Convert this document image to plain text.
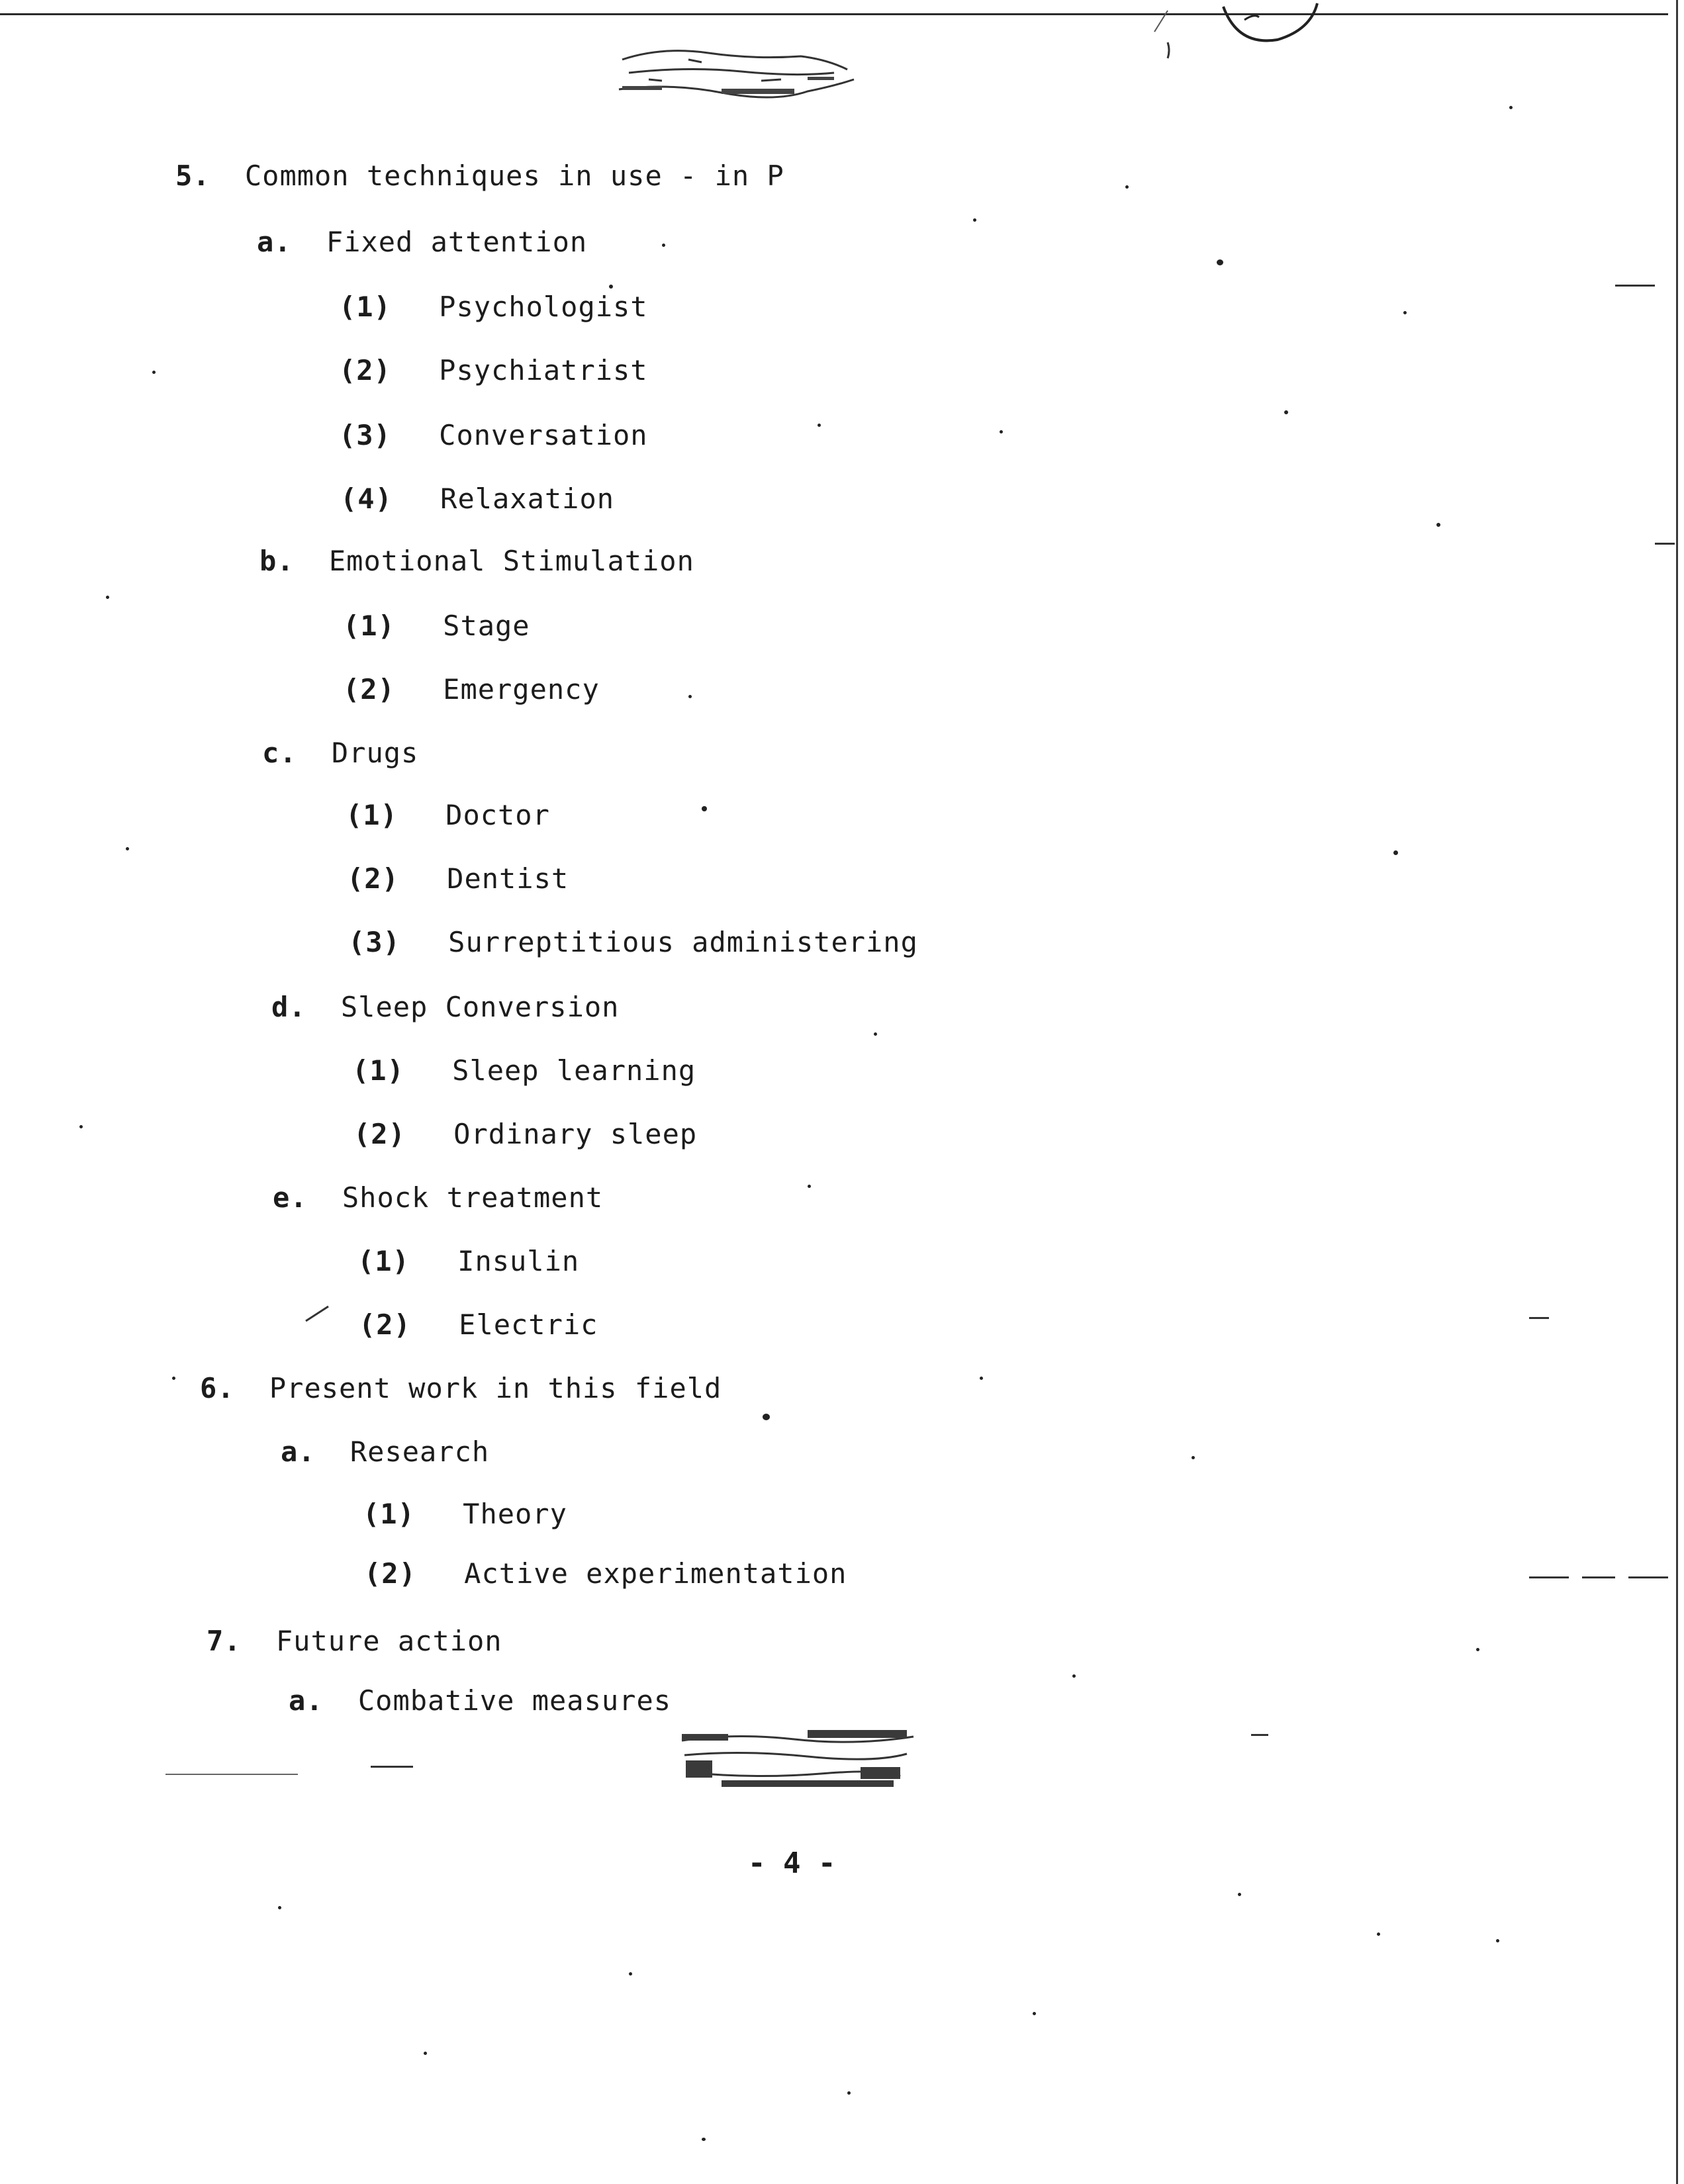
5. Common techniques in use - in P
a. Fixed attention
(1) Psychologist
(2) Psychiatrist
(3) Conversation
(4) Relaxation
b. Emotional Stimulation
(1) Stage
(2) Emergency
c. Drugs
(1) Doctor
(2) Dentist
(3) Surreptitious administering
d. Sleep Conversion
(1) Sleep learning
(2) Ordinary sleep
e. Shock treatment
(1) Insulin
(2) Electric
6. Present work in this field
a. Research
(1) Theory
(2) Active experimentation
7. Future action
a. Combative measures
- 4 -
